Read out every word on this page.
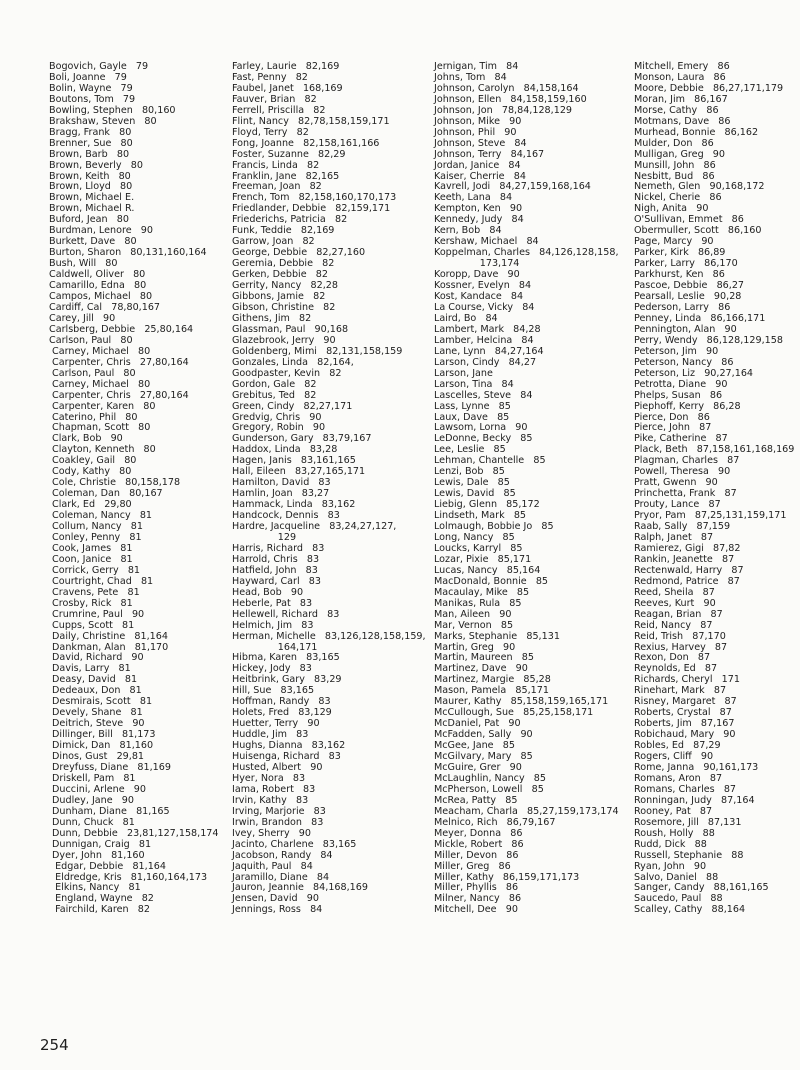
Bogovich, Gayle   79
Boli, Joanne   79
Bolin, Wayne   79
Boutons, Tom   79
Bowling, Stephen   80,160
Brakshaw, Steven   80
Bragg, Frank   80
Brenner, Sue   80
Brown, Barb   80
Brown, Beverly   80
Brown, Keith   80
Brown, Lloyd   80
Brown, Michael E.
Brown, Michael R.
Buford, Jean   80
Burdman, Lenore   90
Burkett, Dave   80
Burton, Sharon   80,131,160,164
Bush, Will   80
Caldwell, Oliver   80
Camarillo, Edna   80
Campos, Michael   80
Cardiff, Cal   78,80,167
Carey, Jill   90
Carlsberg, Debbie   25,80,164
Carlson, Paul   80
Carney, Michael   80
Carpenter, Chris   27,80,164
Carlson, Paul   80
Carney, Michael   80
Carpenter, Chris   27,80,164
Carpenter, Karen   80
Caterino, Phil   80
Chapman, Scott   80
Clark, Bob   90
Clayton, Kenneth   80
Coakley, Gail   80
Cody, Kathy   80
Cole, Christie   80,158,178
Coleman, Dan   80,167
Clark, Ed   29,80
Coleman, Nancy   81
Collum, Nancy   81
Conley, Penny   81
Cook, James   81
Coon, Janice   81
Corrick, Gerry   81
Courtright, Chad   81
Cravens, Pete   81
Crosby, Rick   81
Crumrine, Paul   90
Cupps, Scott   81
Daily, Christine   81,164
Dankman, Alan   81,170
David, Richard   90
Davis, Larry   81
Deasy, David   81
Dedeaux, Don   81
Desmirais, Scott   81
Devely, Shane   81
Deitrich, Steve   90
Dillinger, Bill   81,173
Dimick, Dan   81,160
Dinos, Gust   29,81
Dreyfuss, Diane   81,169
Driskell, Pam   81
Duccini, Arlene   90
Dudley, Jane   90
Dunham, Diane   81,165
Dunn, Chuck   81
Dunn, Debbie   23,81,127,158,174
Dunnigan, Craig   81
Dyer, John   81,160
Edgar, Debbie   81,164
Eldredge, Kris   81,160,164,173
Elkins, Nancy   81
England, Wayne   82
Fairchild, Karen   82
Farley, Laurie   82,169
Fast, Penny   82
Faubel, Janet   168,169
Fauver, Brian   82
Ferrell, Priscilla   82
Flint, Nancy   82,78,158,159,171
Floyd, Terry   82
Fong, Joanne   82,158,161,166
Foster, Suzanne   82,29
Francis, Linda   82
Franklin, Jane   82,165
Freeman, Joan   82
French, Tom   82,158,160,170,173
Friedlander, Debbie   82,159,171
Friederichs, Patricia   82
Funk, Teddie   82,169
Garrow, Joan   82
George, Debbie   82,27,160
Geremia, Debbie   82
Gerken, Debbie   82
Gerrity, Nancy   82,28
Gibbons, Jamie   82
Gibson, Christine   82
Githens, Jim   82
Glassman, Paul   90,168
Glazebrook, Jerry   90
Goldenberg, Mimi   82,131,158,159
Gonzales, Linda   82,164,
Goodpaster, Kevin   82
Gordon, Gale   82
Grebitus, Ted   82
Green, Cindy   82,27,171
Gredvig, Chris   90
Gregory, Robin   90
Gunderson, Gary   83,79,167
Haddox, Linda   83,28
Hagen, Janis   83,161,165
Hall, Eileen   83,27,165,171
Hamilton, David   83
Hamlin, Joan   83,27
Hammack, Linda   83,162
Handcock, Dennis   83
Hardre, Jacqueline   83,24,27,127,
129
Harris, Richard   83
Harrold, Chris   83
Hatfield, John   83
Hayward, Carl   83
Head, Bob   90
Heberle, Pat   83
Hellewell, Richard   83
Helmich, Jim   83
Herman, Michelle   83,126,128,158,159,
164,171
Hibma, Karen   83,165
Hickey, Jody   83
Heitbrink, Gary   83,29
Hill, Sue   83,165
Hoffman, Randy   83
Holets, Fred   83,129
Huetter, Terry   90
Huddle, Jim   83
Hughs, Dianna   83,162
Huisenga, Richard   83
Husted, Albert   90
Hyer, Nora   83
Iama, Robert   83
Irvin, Kathy   83
Irving, Marjorie   83
Irwin, Brandon   83
Ivey, Sherry   90
Jacinto, Charlene   83,165
Jacobson, Randy   84
Jaquith, Paul   84
Jaramillo, Diane   84
Jauron, Jeannie   84,168,169
Jensen, David   90
Jennings, Ross   84
Jernigan, Tim   84
Johns, Tom   84
Johnson, Carolyn   84,158,164
Johnson, Ellen   84,158,159,160
Johnson, Jon   78,84,128,129
Johnson, Mike   90
Johnson, Phil   90
Johnson, Steve   84
Johnson, Terry   84,167
Jordan, Janice   84
Kaiser, Cherrie   84
Kavrell, Jodi   84,27,159,168,164
Keeth, Lana   84
Kempton, Ken   90
Kennedy, Judy   84
Kern, Bob   84
Kershaw, Michael   84
Koppelman, Charles   84,126,128,158,
173,174
Koropp, Dave   90
Kossner, Evelyn   84
Kost, Kandace   84
La Course, Vicky   84
Laird, Bo   84
Lambert, Mark   84,28
Lamber, Helcina   84
Lane, Lynn   84,27,164
Larson, Cindy   84,27
Larson, Jane
Larson, Tina   84
Lascelles, Steve   84
Lass, Lynne   85
Laux, Dave   85
Lawsom, Lorna   90
LeDonne, Becky   85
Lee, Leslie   85
Lehman, Chantelle   85
Lenzi, Bob   85
Lewis, Dale   85
Lewis, David   85
Liebig, Glenn   85,172
Lindseth, Mark   85
Lolmaugh, Bobbie Jo   85
Long, Nancy   85
Loucks, Karryl   85
Lozar, Pixie   85,171
Lucas, Nancy   85,164
MacDonald, Bonnie   85
Macaulay, Mike   85
Manikas, Rula   85
Man, Aileen   90
Mar, Vernon   85
Marks, Stephanie   85,131
Martin, Greg   90
Martin, Maureen   85
Martinez, Dave   90
Martinez, Margie   85,28
Mason, Pamela   85,171
Maurer, Kathy   85,158,159,165,171
McCullough, Sue   85,25,158,171
McDaniel, Pat   90
McFadden, Sally   90
McGee, Jane   85
McGilvary, Mary   85
McGuire, Grer   90
McLaughlin, Nancy   85
McPherson, Lowell   85
McRea, Patty   85
Meacham, Charla   85,27,159,173,174
Melnico, Rich   86,79,167
Meyer, Donna   86
Mickle, Robert   86
Miller, Devon   86
Miller, Greg   86
Miller, Kathy   86,159,171,173
Miller, Phyllis   86
Milner, Nancy   86
Mitchell, Dee   90
Mitchell, Emery   86
Monson, Laura   86
Moore, Debbie   86,27,171,179
Moran, Jim   86,167
Morse, Cathy   86
Motmans, Dave   86
Murhead, Bonnie   86,162
Mulder, Don   86
Mulligan, Greg   90
Munsill, John   86
Nesbitt, Bud   86
Nemeth, Glen   90,168,172
Nickel, Cherie   86
Nigh, Anita   90
O'Sullivan, Emmet   86
Obermuller, Scott   86,160
Page, Marcy   90
Parker, Kirk   86,89
Parker, Larry   86,170
Parkhurst, Ken   86
Pascoe, Debbie   86,27
Pearsall, Leslie   90,28
Pederson, Larry   86
Penney, Linda   86,166,171
Pennington, Alan   90
Perry, Wendy   86,128,129,158
Peterson, Jim   90
Peterson, Nancy   86
Peterson, Liz   90,27,164
Petrotta, Diane   90
Phelps, Susan   86
Piephoff, Kerry   86,28
Pierce, Don   86
Pierce, John   87
Pike, Catherine   87
Plack, Beth   87,158,161,168,169
Plagman, Charles   87
Powell, Theresa   90
Pratt, Gwenn   90
Princhetta, Frank   87
Prouty, Lance   87
Pryor, Pam   87,25,131,159,171
Raab, Sally   87,159
Ralph, Janet   87
Ramierez, Gigi   87,82
Rankin, Jeanette   87
Rectenwald, Harry   87
Redmond, Patrice   87
Reed, Sheila   87
Reeves, Kurt   90
Reagan, Brian   87
Reid, Nancy   87
Reid, Trish   87,170
Rexius, Harvey   87
Rexon, Don   87
Reynolds, Ed   87
Richards, Cheryl   171
Rinehart, Mark   87
Risney, Margaret   87
Roberts, Crystal   87
Roberts, Jim   87,167
Robichaud, Mary   90
Robles, Ed   87,29
Rogers, Cliff   90
Rome, Janna   90,161,173
Romans, Aron   87
Romans, Charles   87
Ronningan, Judy   87,164
Rooney, Pat   87
Rosemore, Jill   87,131
Roush, Holly   88
Rudd, Dick   88
Russell, Stephanie   88
Ryan, John   90
Salvo, Daniel   88
Sanger, Candy   88,161,165
Saucedo, Paul   88
Scalley, Cathy   88,164
254
